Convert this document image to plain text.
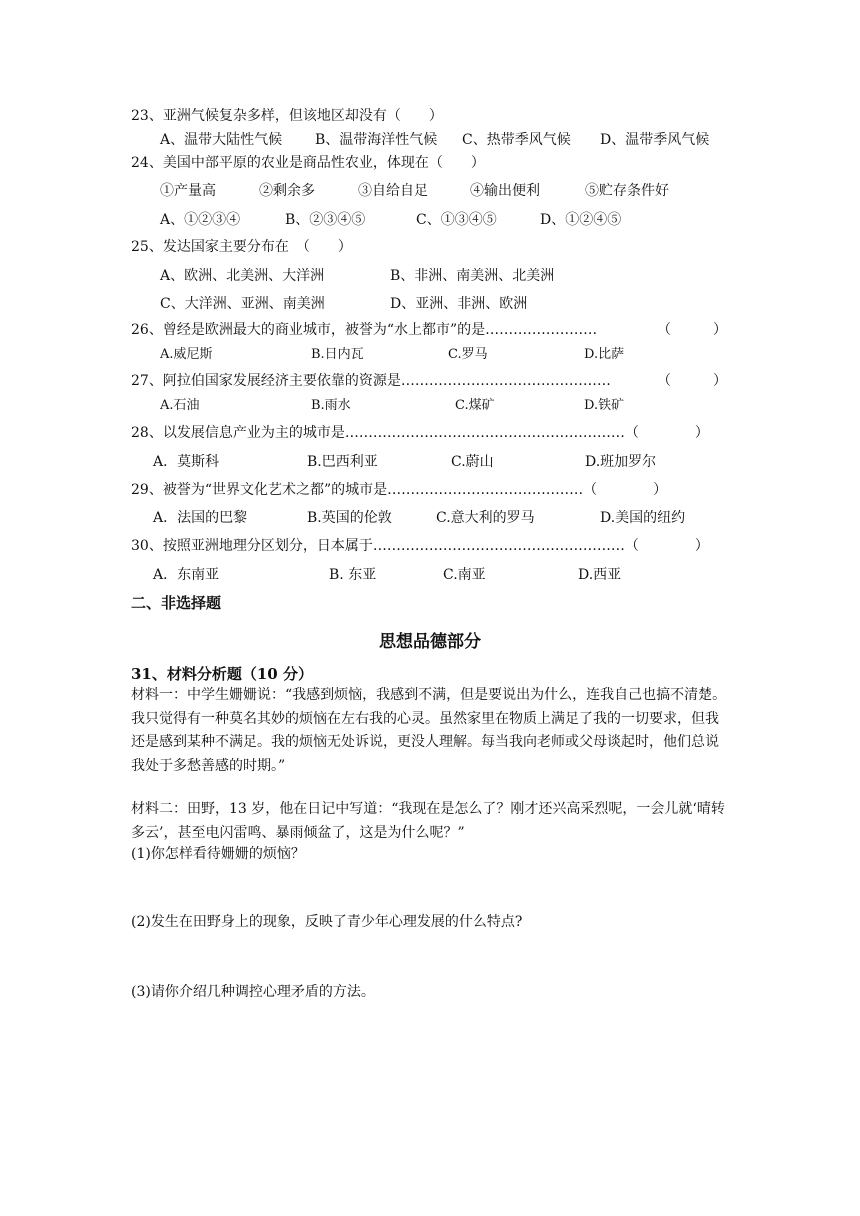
23、亚洲气候复杂多样，但该地区却没有（　　）
A、温带大陆性气候 B、温带海洋性气候 C、热带季风气候 D、温带季风气候
24、美国中部平原的农业是商品性农业，体现在（　　）
①产量高	②剩余多	③自给自足	④输出便利	⑤贮存条件好
A、①②③④	B、②③④⑤	C、①③④⑤	D、①②④⑤
25、发达国家主要分布在　（　　）
A、欧洲、北美洲、大洋洲	B、非洲、南美洲、北美洲
C、大洋洲、亚洲、南美洲	D、亚洲、非洲、欧洲
26、曾经是欧洲最大的商业城市，被誉为“水上都市”的是……………………	（　　　）
A.威尼斯	B.日内瓦	C.罗马	D.比萨
27、阿拉伯国家发展经济主要依靠的资源是………………………………………	（　　　）
A.石油	B.雨水	C.煤矿	D.铁矿
28、以发展信息产业为主的城市是……………………………………………………（　　　　）
A．莫斯科	B.巴西利亚	C.蔚山	D.班加罗尔
29、被誉为“世界文化艺术之都”的城市是……………………………………（　　　　）
A．法国的巴黎	B.英国的伦敦	C.意大利的罗马	D.美国的纽约
30、按照亚洲地理分区划分，日本属于………………………………………………（　　　　）
A．东南亚	B. 东亚	C.南亚	D.西亚
二、非选择题
思想品德部分
31、材料分析题（10 分）
材料一：中学生姗姗说：“我感到烦恼，我感到不满，但是要说出为什么，连我自己也搞不清楚。我只觉得有一种莫名其妙的烦恼在左右我的心灵。虽然家里在物质上满足了我的一切要求，但我还是感到某种不满足。我的烦恼无处诉说，更没人理解。每当我向老师或父母谈起时，他们总说我处于多愁善感的时期。”
材料二：田野，13 岁，他在日记中写道：“我现在是怎么了？刚才还兴高采烈呢，一会儿就‘晴转多云’，甚至电闪雷鸣、暴雨倾盆了，这是为什么呢？”
(1)你怎样看待姗姗的烦恼？
(2)发生在田野身上的现象，反映了青少年心理发展的什么特点?
(3)请你介绍几种调控心理矛盾的方法。
